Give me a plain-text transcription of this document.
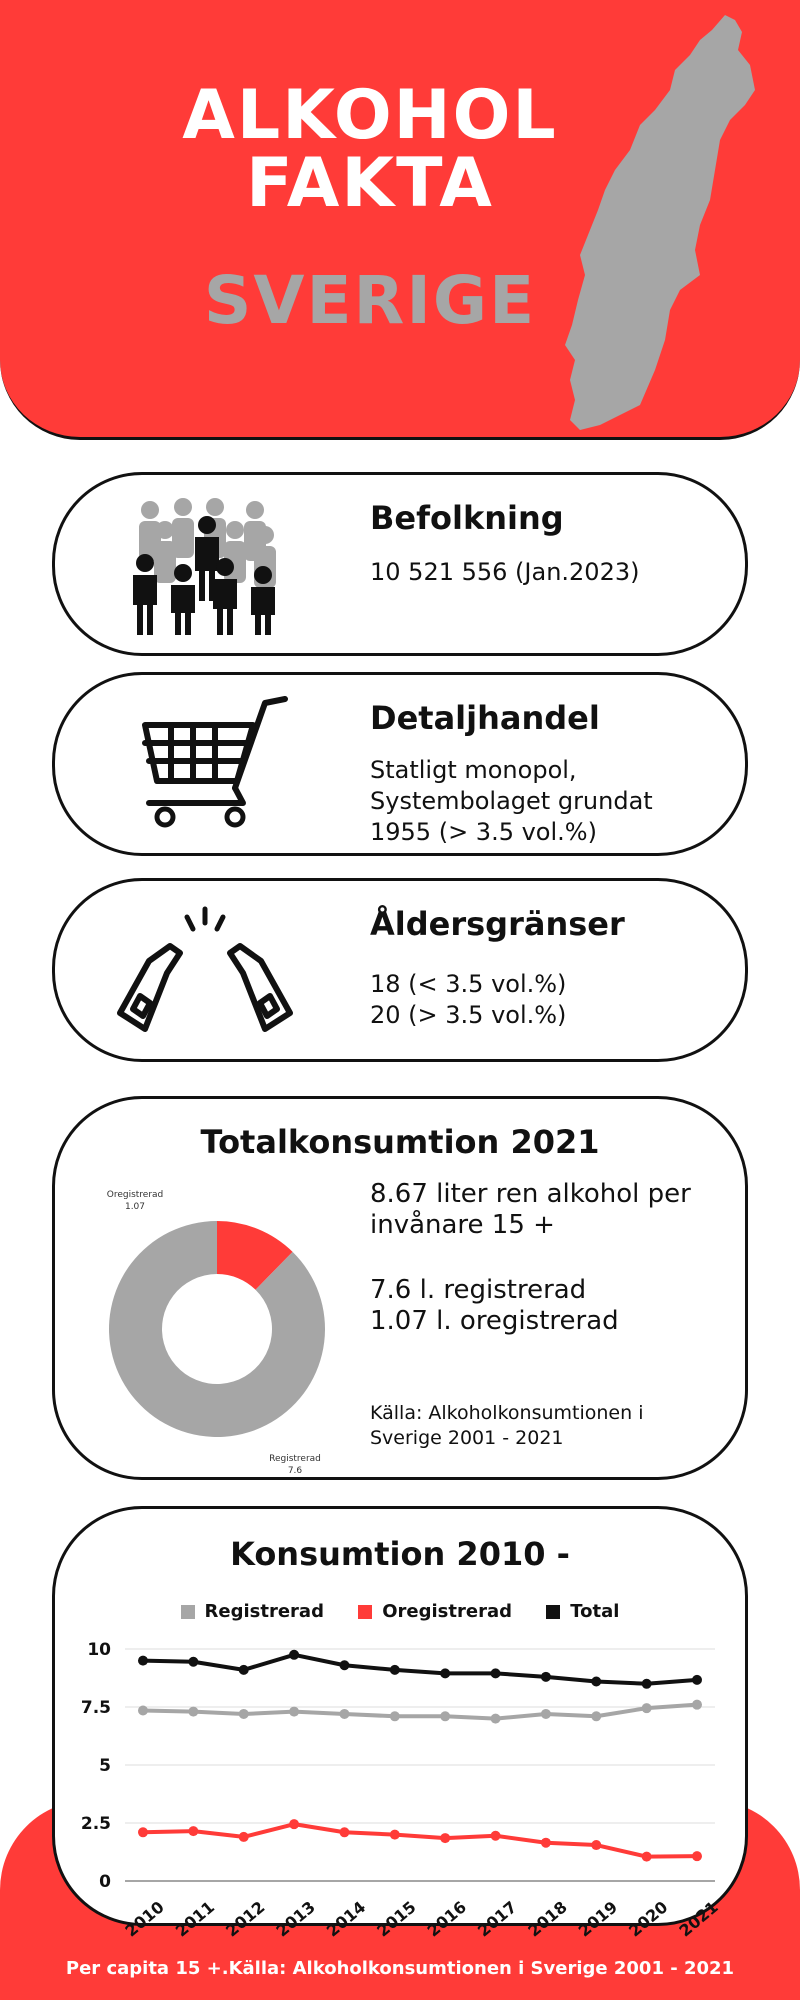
ALKOHOL
FAKTA
SVERIGE
Befolkning
10 521 556 (Jan.2023)
Detaljhandel
Statligt monopol,
Systembolaget grundat
1955 (> 3.5 vol.%)
Åldersgränser
18 (< 3.5 vol.%)
20 (> 3.5 vol.%)
Totalkonsumtion 2021
Oregistrerad
1.07
Registrerad
7.6
8.67 liter ren alkohol per
invånare 15 +
7.6 l. registrerad
1.07 l. oregistrerad
Källa: Alkoholkonsumtionen i
Sverige 2001 - 2021
Konsumtion 2010 -
Registrerad
	Oregistrerad
	Total
10
7.5
5
2.5
0
2010 2011 2012 2013 2014 2015 2016 2017 2018 2019 2020 2021
Per capita 15 +.Källa: Alkoholkonsumtionen i Sverige 2001 - 2021
